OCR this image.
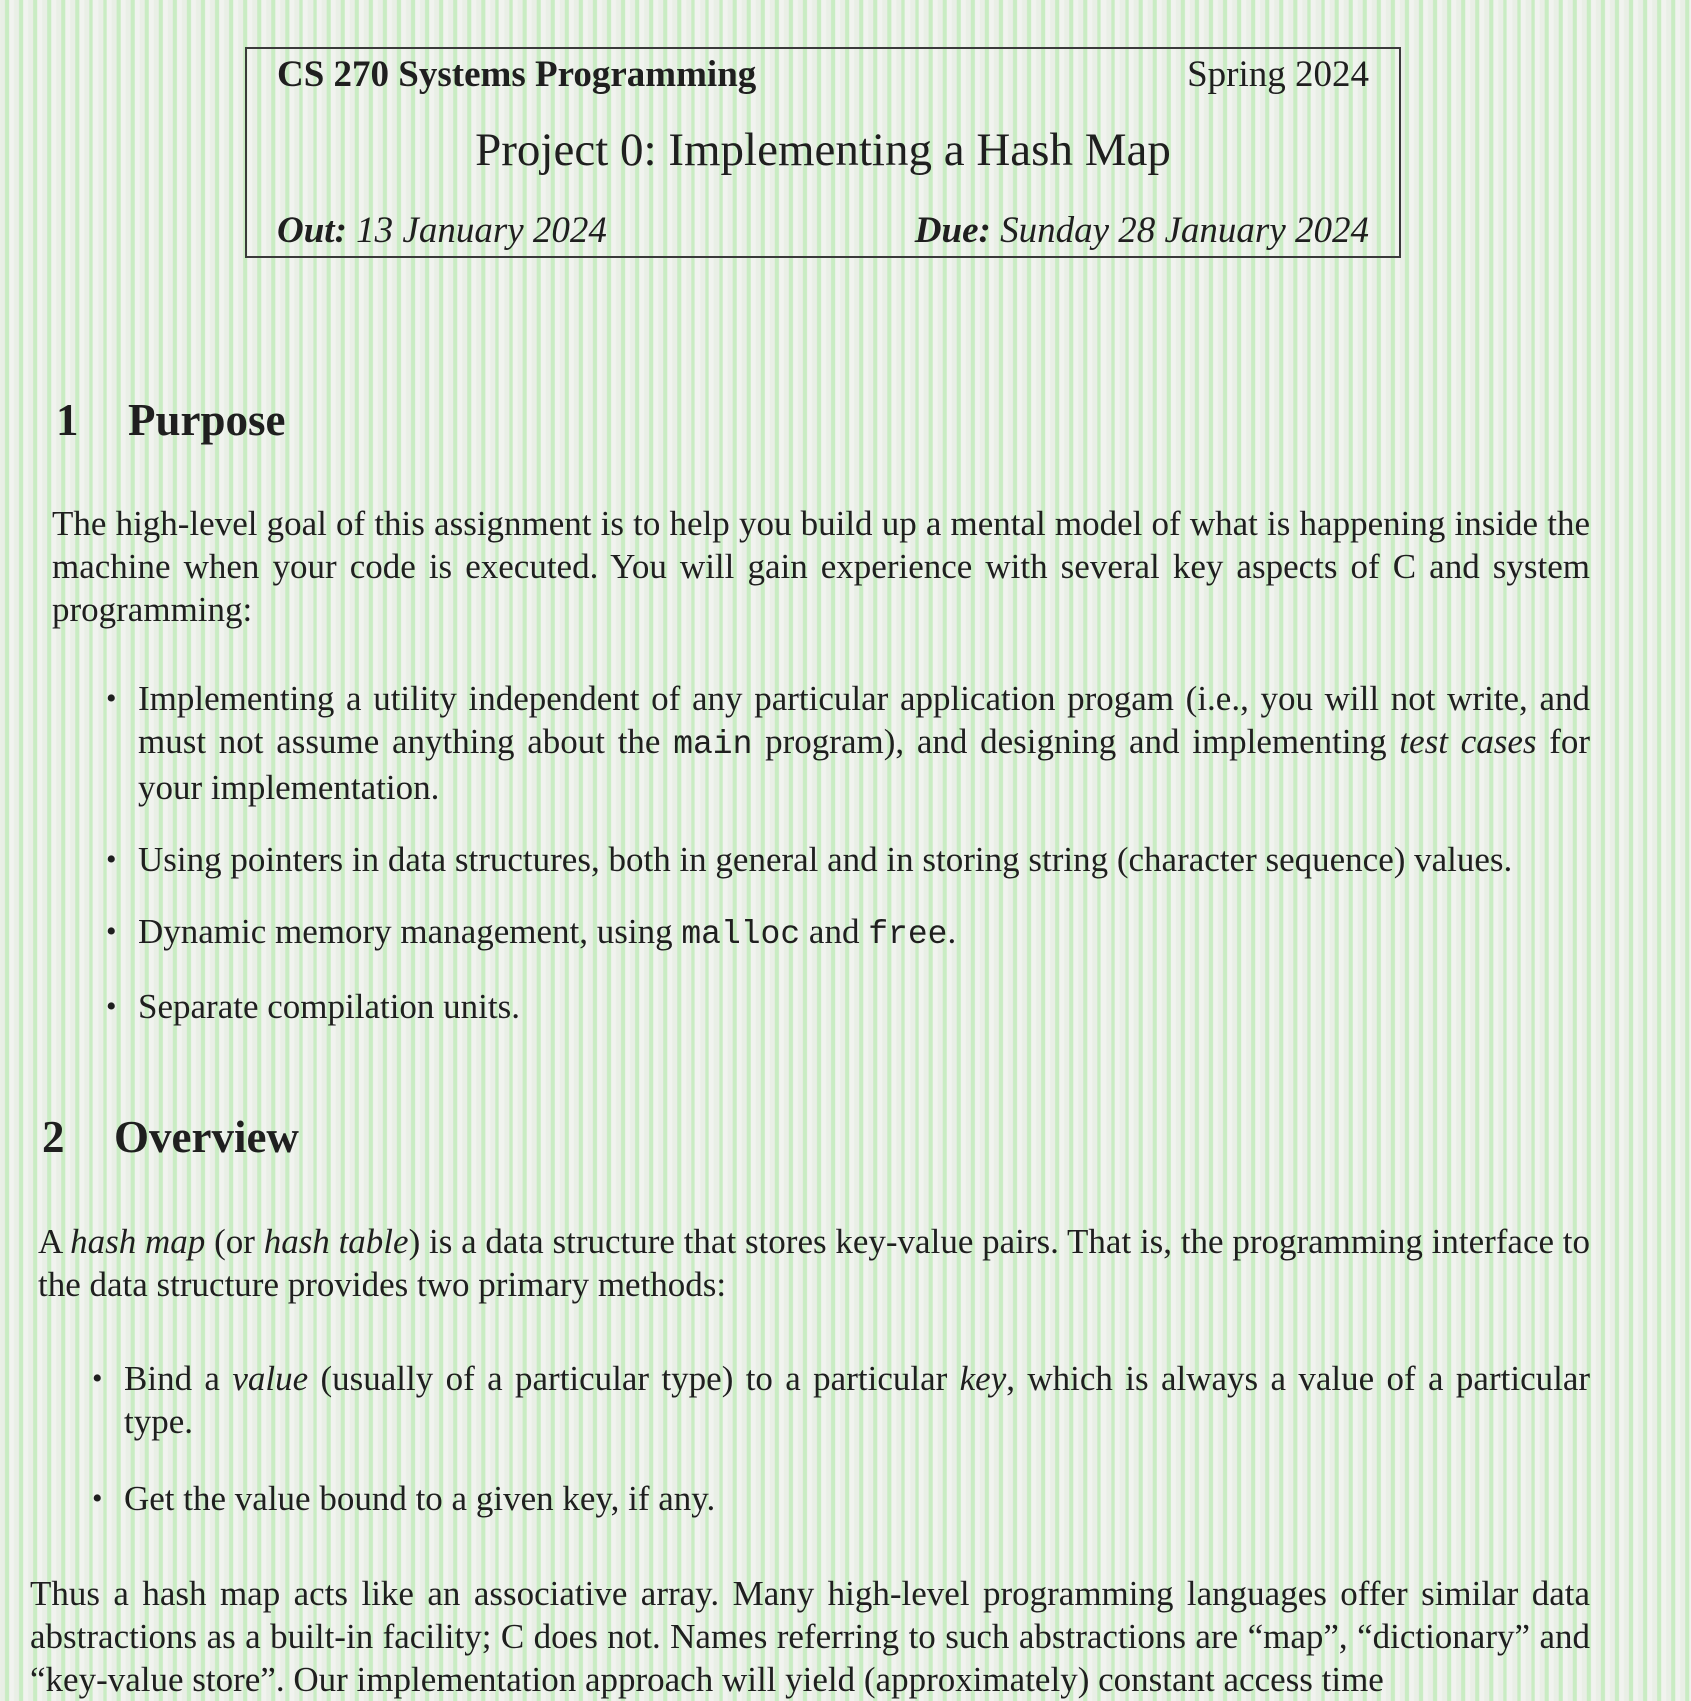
CS 270 Systems Programming	Spring 2024
Project 0: Implementing a Hash Map
Out: 13 January 2024	Due: Sunday 28 January 2024
1 Purpose

The high-level goal of this assignment is to help you build up a mental model of what is happening inside the machine when your code is executed. You will gain experience with several key aspects of C and system programming:

• Implementing a utility independent of any particular application progam (i.e., you will not write, and must not assume anything about the main program), and designing and implementing test cases for your implementation.
• Using pointers in data structures, both in general and in storing string (character sequence) values.
• Dynamic memory management, using malloc and free.
• Separate compilation units.
2 Overview

A hash map (or hash table) is a data structure that stores key-value pairs. That is, the programming interface to the data structure provides two primary methods:

• Bind a value (usually of a particular type) to a particular key, which is always a value of a particular type.
• Get the value bound to a given key, if any.

Thus a hash map acts like an associative array. Many high-level programming languages offer similar data abstractions as a built-in facility; C does not. Names referring to such abstractions are “map”, “dictionary” and “key-value store”. Our implementation approach will yield (approximately) constant access time
